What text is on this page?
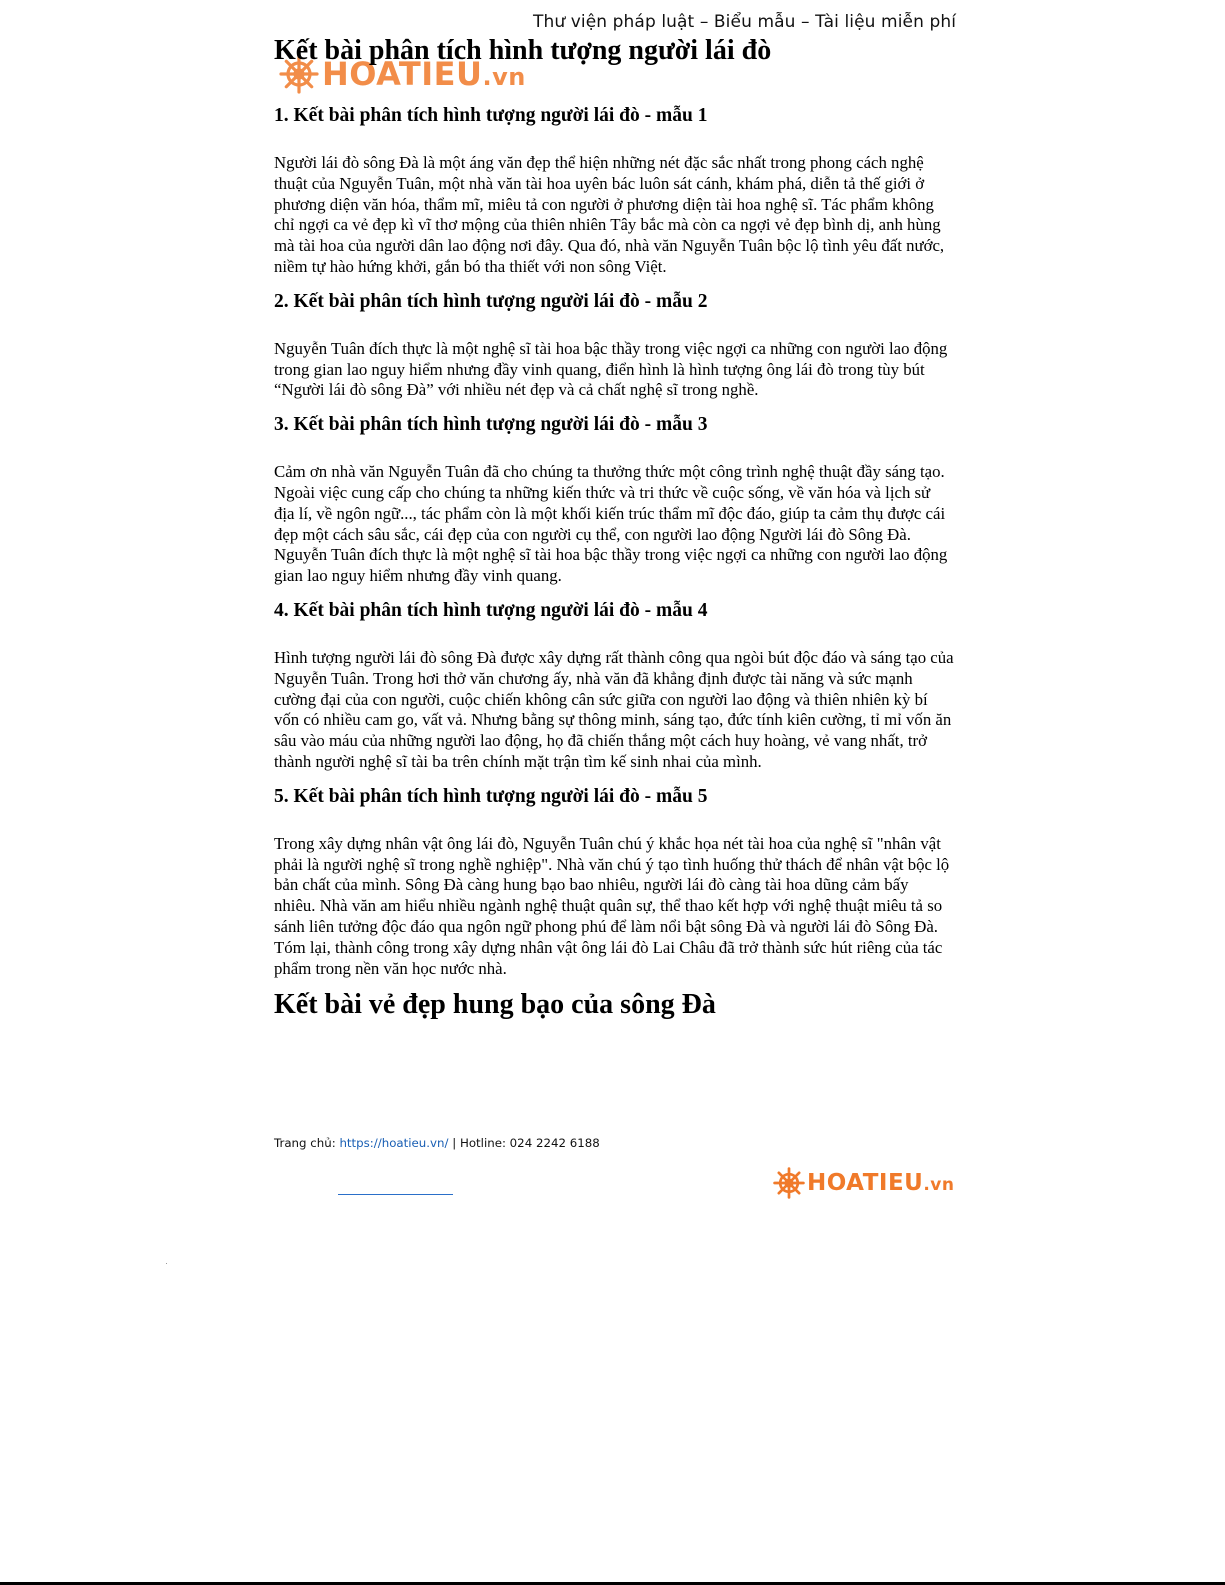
Thư viện pháp luật – Biểu mẫu – Tài liệu miễn phí
HOATIEU.vn
Kết bài phân tích hình tượng người lái đò
1. Kết bài phân tích hình tượng người lái đò - mẫu 1

Người lái đò sông Đà là một áng văn đẹp thể hiện những nét đặc sắc nhất trong phong cách nghệ thuật của Nguyễn Tuân, một nhà văn tài hoa uyên bác luôn sát cánh, khám phá, diễn tả thế giới ở phương diện văn hóa, thẩm mĩ, miêu tả con người ở phương diện tài hoa nghệ sĩ. Tác phẩm không chỉ ngợi ca vẻ đẹp kì vĩ thơ mộng của thiên nhiên Tây bắc mà còn ca ngợi vẻ đẹp bình dị, anh hùng mà tài hoa của người dân lao động nơi đây. Qua đó, nhà văn Nguyễn Tuân bộc lộ tình yêu đất nước, niềm tự hào hứng khởi, gắn bó tha thiết với non sông Việt.

2. Kết bài phân tích hình tượng người lái đò - mẫu 2

Nguyễn Tuân đích thực là một nghệ sĩ tài hoa bậc thầy trong việc ngợi ca những con người lao động trong gian lao nguy hiểm nhưng đầy vinh quang, điển hình là hình tượng ông lái đò trong tùy bút “Người lái đò sông Đà” với nhiều nét đẹp và cả chất nghệ sĩ trong nghề.

3. Kết bài phân tích hình tượng người lái đò - mẫu 3

Cảm ơn nhà văn Nguyễn Tuân đã cho chúng ta thưởng thức một công trình nghệ thuật đầy sáng tạo. Ngoài việc cung cấp cho chúng ta những kiến thức và tri thức về cuộc sống, về văn hóa và lịch sử địa lí, về ngôn ngữ..., tác phẩm còn là một khối kiến trúc thẩm mĩ độc đáo, giúp ta cảm thụ được cái đẹp một cách sâu sắc, cái đẹp của con người cụ thể, con người lao động Người lái đò Sông Đà. Nguyễn Tuân đích thực là một nghệ sĩ tài hoa bậc thầy trong việc ngợi ca những con người lao động gian lao nguy hiểm nhưng đầy vinh quang.

4. Kết bài phân tích hình tượng người lái đò - mẫu 4

Hình tượng người lái đò sông Đà được xây dựng rất thành công qua ngòi bút độc đáo và sáng tạo của Nguyễn Tuân. Trong hơi thở văn chương ấy, nhà văn đã khẳng định được tài năng và sức mạnh cường đại của con người, cuộc chiến không cân sức giữa con người lao động và thiên nhiên kỳ bí vốn có nhiều cam go, vất vả. Nhưng bằng sự thông minh, sáng tạo, đức tính kiên cường, tỉ mỉ vốn ăn sâu vào máu của những người lao động, họ đã chiến thắng một cách huy hoàng, vẻ vang nhất, trở thành người nghệ sĩ tài ba trên chính mặt trận tìm kế sinh nhai của mình.

5. Kết bài phân tích hình tượng người lái đò - mẫu 5

Trong xây dựng nhân vật ông lái đò, Nguyễn Tuân chú ý khắc họa nét tài hoa của nghệ sĩ "nhân vật phải là người nghệ sĩ trong nghề nghiệp". Nhà văn chú ý tạo tình huống thử thách để nhân vật bộc lộ bản chất của mình. Sông Đà càng hung bạo bao nhiêu, người lái đò càng tài hoa dũng cảm bấy nhiêu. Nhà văn am hiểu nhiều ngành nghệ thuật quân sự, thể thao kết hợp với nghệ thuật miêu tả so sánh liên tưởng độc đáo qua ngôn ngữ phong phú để làm nổi bật sông Đà và người lái đò Sông Đà. Tóm lại, thành công trong xây dựng nhân vật ông lái đò Lai Châu đã trở thành sức hút riêng của tác phẩm trong nền văn học nước nhà.

Kết bài vẻ đẹp hung bạo của sông Đà
Trang chủ: https://hoatieu.vn/ | Hotline: 024 2242 6188
HOATIEU.vn
